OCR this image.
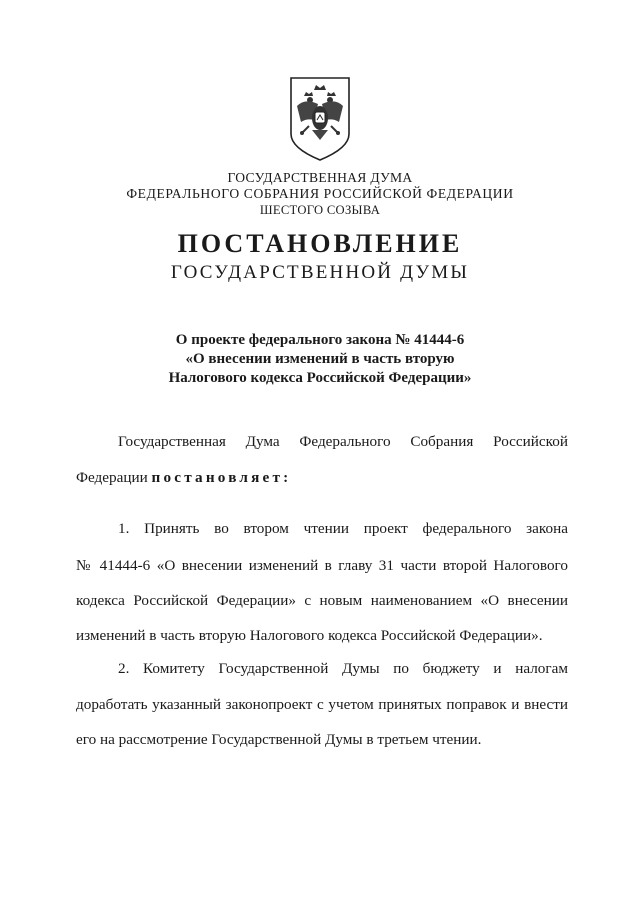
ГОСУДАРСТВЕННАЯ ДУМА
ФЕДЕРАЛЬНОГО СОБРАНИЯ РОССИЙСКОЙ ФЕДЕРАЦИИ
ШЕСТОГО СОЗЫВА
ПОСТАНОВЛЕНИЕ
ГОСУДАРСТВЕННОЙ ДУМЫ
О проекте федерального закона № 41444-6
«О внесении изменений в часть вторую
Налогового кодекса Российской Федерации»
Государственная Дума Федерального Собрания Российской
Федерации постановляет:
1. Принять во втором чтении проект федерального закона
№ 41444-6 «О внесении изменений в главу 31 части второй Налогового
кодекса Российской Федерации» с новым наименованием «О внесении
изменений в часть вторую Налогового кодекса Российской Федерации».
2. Комитету Государственной Думы по бюджету и налогам
доработать указанный законопроект с учетом принятых поправок и внести
его на рассмотрение Государственной Думы в третьем чтении.
